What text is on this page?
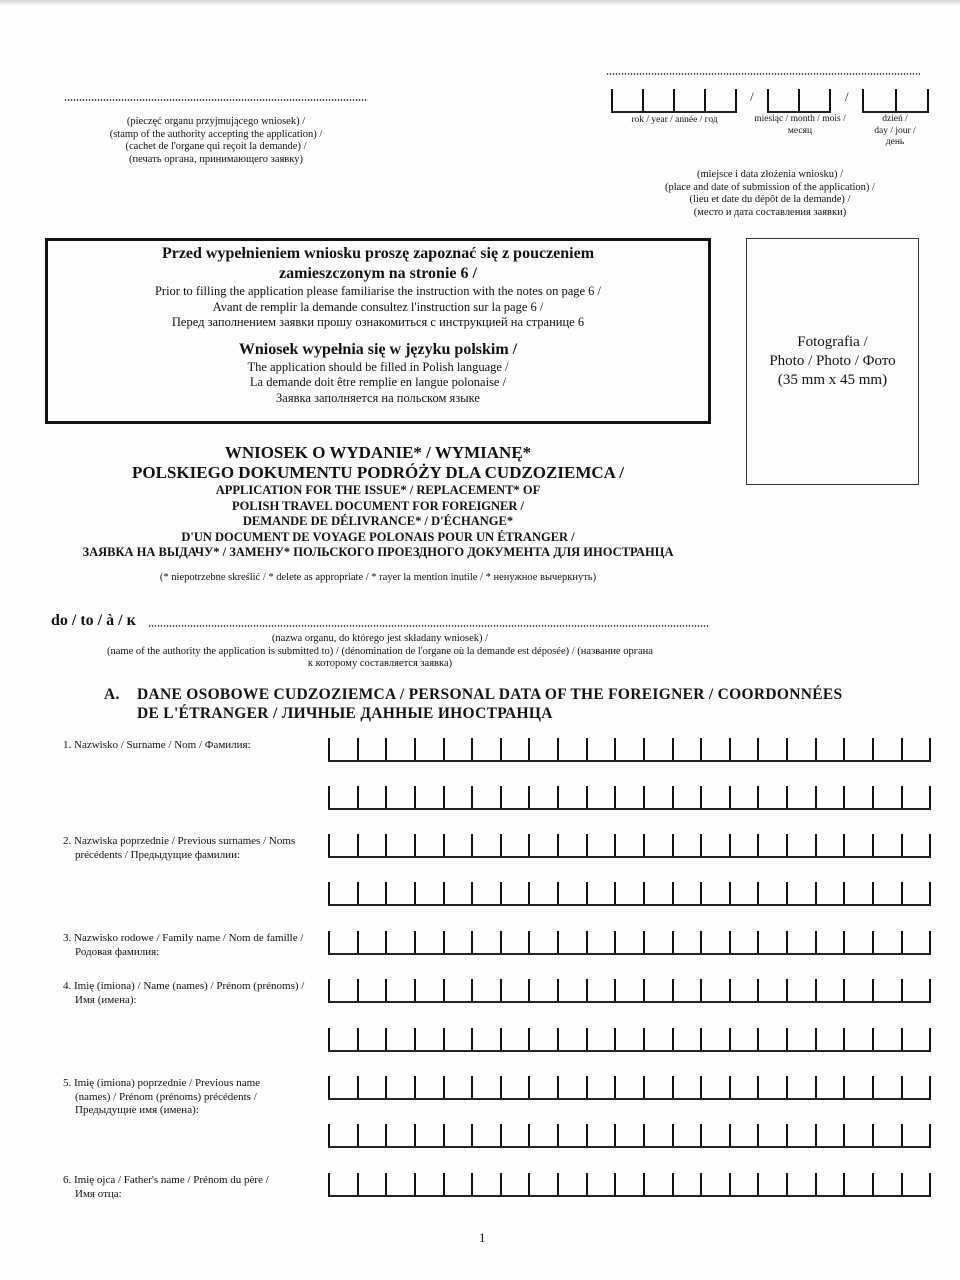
(pieczęć organu przyjmującego wniosek) /
(stamp of the authority accepting the application) /
(cachet de l'organe qui reçoit la demande) /
(печать органа, принимающего заявку)
/	/
rok / year / année / год	miesiąc / month / mois /
месяц
dzień /
day / jour /
день
(miejsce i data złożenia wniosku) /
(place and date of submission of the application) /
(lieu et date du dépôt de la demande) /
(место и дата составления заявки)
Przed wypełnieniem wniosku proszę zapoznać się z pouczeniem
zamieszczonym na stronie 6 /
Prior to filling the application please familiarise the instruction with the notes on page 6 /
Avant de remplir la demande consultez l'instruction sur la page 6 /
Перед заполнением заявки прошу ознакомиться с инструкцией на странице 6
Wniosek wypełnia się w języku polskim /
The application should be filled in Polish language /
La demande doit être remplie en langue polonaise /
Заявка заполняется на польском языке
Fotografia /
Photo / Photo / Фото
(35 mm x 45 mm)
WNIOSEK O WYDANIE* / WYMIANĘ*
POLSKIEGO DOKUMENTU PODRÓŻY DLA CUDZOZIEMCA /
APPLICATION FOR THE ISSUE* / REPLACEMENT* OF
POLISH TRAVEL DOCUMENT FOR FOREIGNER /
DEMANDE DE DÉLIVRANCE* / D'ÉCHANGE*
D'UN DOCUMENT DE VOYAGE POLONAIS POUR UN ÉTRANGER /
ЗАЯВКА НА ВЫДАЧУ* / ЗАМЕНУ* ПОЛЬСКОГО ПРОЕЗДНОГО ДОКУМЕНТА ДЛЯ ИНОСТРАНЦА
(* niepotrzebne skreślić / * delete as appropriate / * rayer la mention inutile / * ненужное вычеркнуть)
do / to / à / к
(nazwa organu, do którego jest składany wniosek) /
(name of the authority the application is submitted to) / (dénomination de l'organe où la demande est déposée) / (название органа
к которому составляется заявка)
A. DANE OSOBOWE CUDZOZIEMCA / PERSONAL DATA OF THE FOREIGNER / COORDONNÉES
DE L'ÉTRANGER / ЛИЧНЫЕ ДАННЫЕ ИНОСТРАНЦА
1. Nazwisko / Surname / Nom / Фамилия:
2. Nazwiska poprzednie / Previous surnames / Noms
précédents / Предыдущие фамилии:
3. Nazwisko rodowe / Family name / Nom de famille /
Родовая фамилия:
4. Imię (imiona) / Name (names) / Prénom (prénoms) /
Имя (имена):
5. Imię (imiona) poprzednie / Previous name
(names) / Prénom (prénoms) précédents /
Предыдущие имя (имена):
6. Imię ojca / Father's name / Prénom du père /
Имя отца:
1
